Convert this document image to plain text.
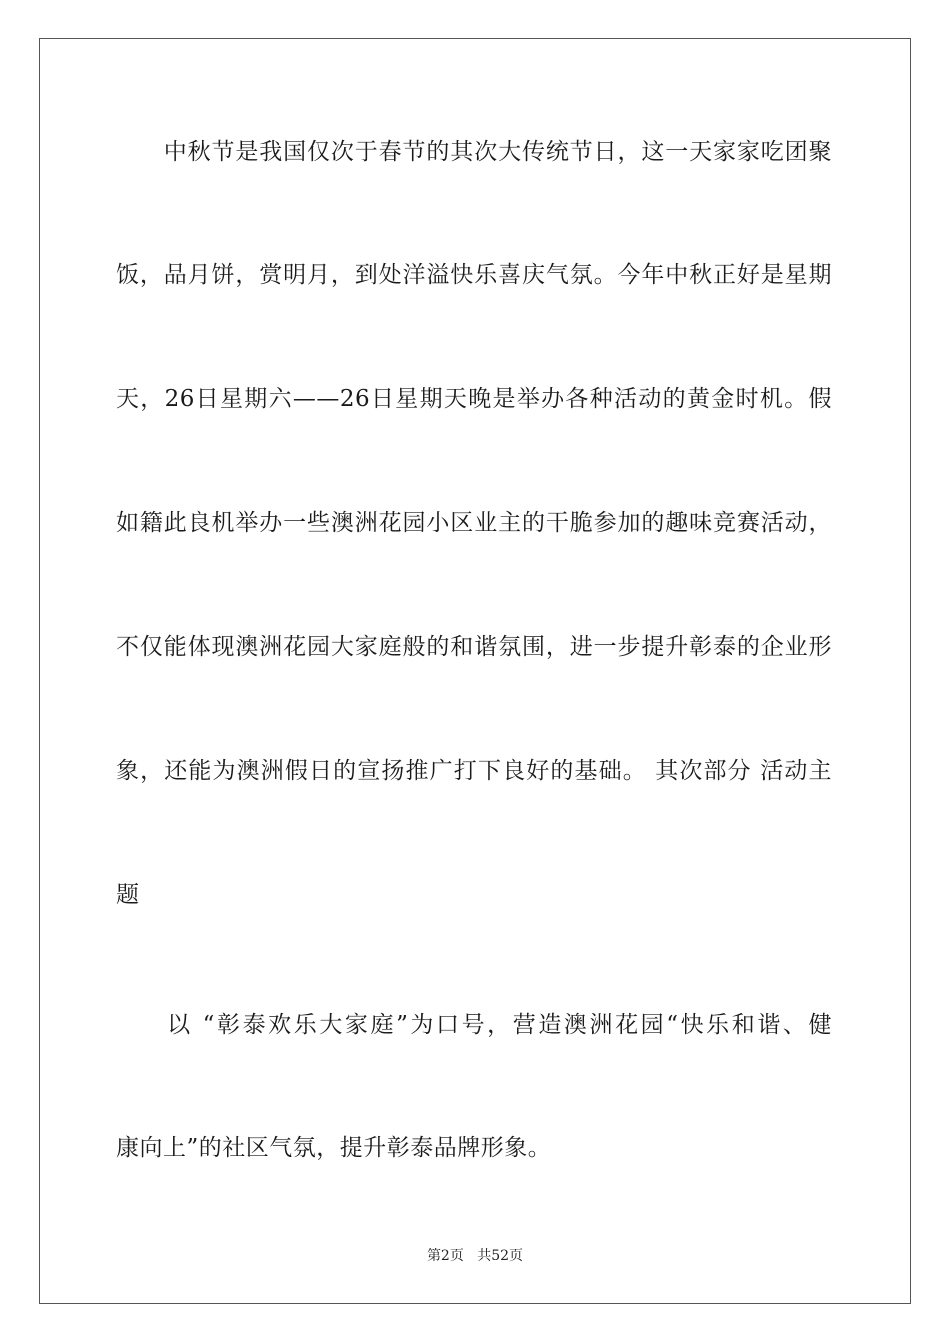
　　中秋节是我国仅次于春节的其次大传统节日，这一天家家吃团聚
饭，品月饼，赏明月，到处洋溢快乐喜庆气氛。今年中秋正好是星期
天，26日星期六——26日星期天晚是举办各种活动的黄金时机。假
如籍此良机举办一些澳洲花园小区业主的干脆参加的趣味竞赛活动，
不仅能体现澳洲花园大家庭般的和谐氛围，进一步提升彰泰的企业形
象，还能为澳洲假日的宣扬推广打下良好的基础。 其次部分 活动主
题
　　以 “彰泰欢乐大家庭”为口号，营造澳洲花园“快乐和谐、健
康向上”的社区气氛，提升彰泰品牌形象。
第2页 共52页
